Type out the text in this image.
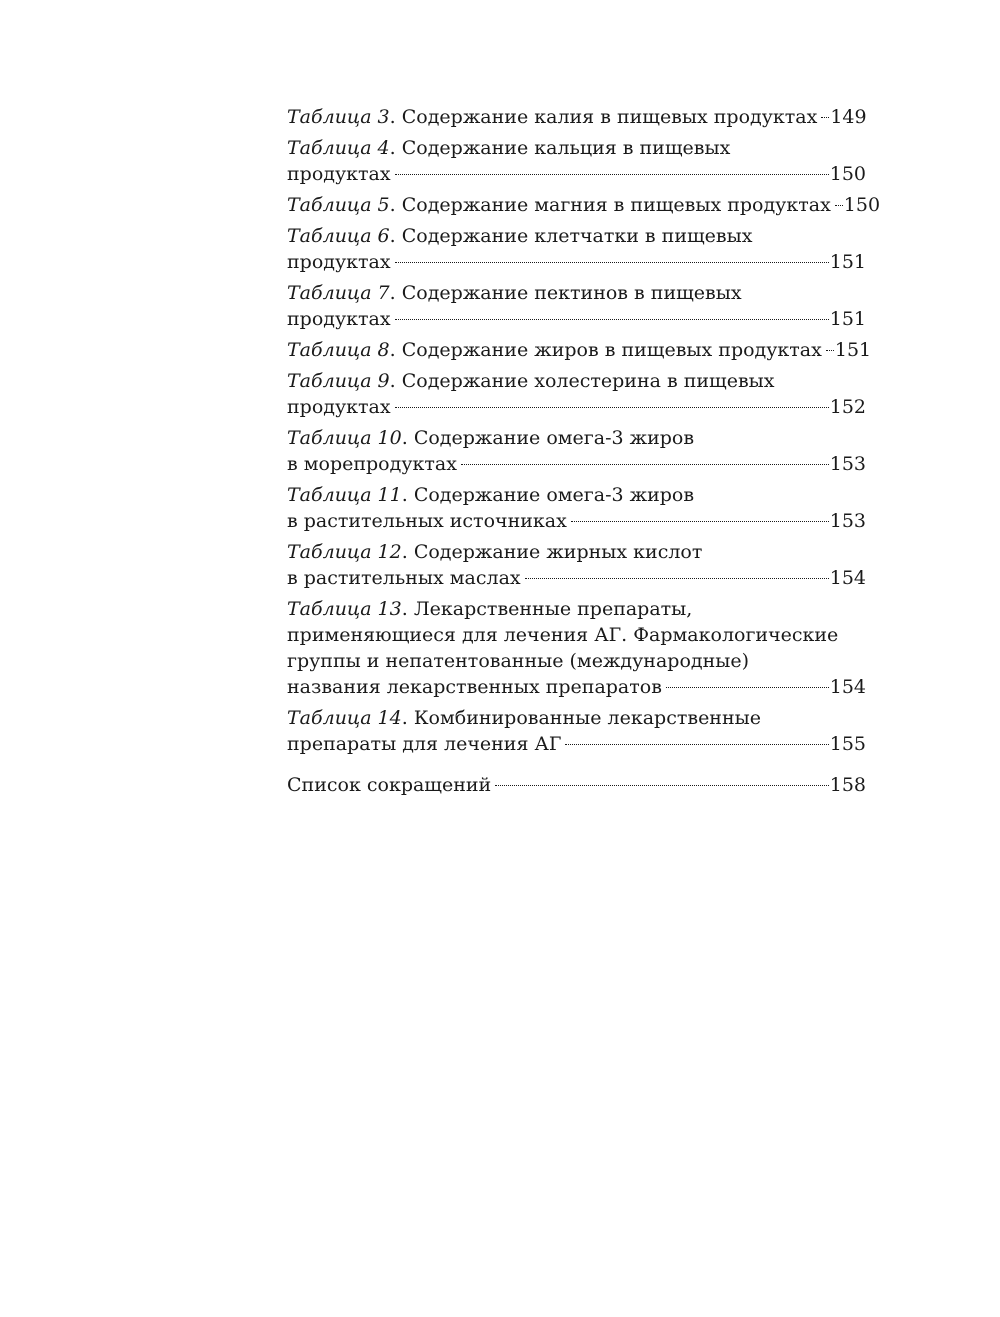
Таблица 3. Содержание калия в пищевых продуктах 149
Таблица 4. Содержание кальция в пищевых
продуктах	150
Таблица 5. Содержание магния в пищевых продуктах 150
Таблица 6. Содержание клетчатки в пищевых
продуктах	151
Таблица 7. Содержание пектинов в пищевых
продуктах	151
Таблица 8. Содержание жиров в пищевых продуктах 151
Таблица 9. Содержание холестерина в пищевых
продуктах	152
Таблица 10. Содержание омега-3 жиров
в морепродуктах	153
Таблица 11. Содержание омега-3 жиров
в растительных источниках	153
Таблица 12. Содержание жирных кислот
в растительных маслах	154
Таблица 13. Лекарственные препараты,
применяющиеся для лечения АГ. Фармакологические
группы и непатентованные (международные)
названия лекарственных препаратов	154
Таблица 14. Комбинированные лекарственные
препараты для лечения АГ	155
Список сокращений	158
